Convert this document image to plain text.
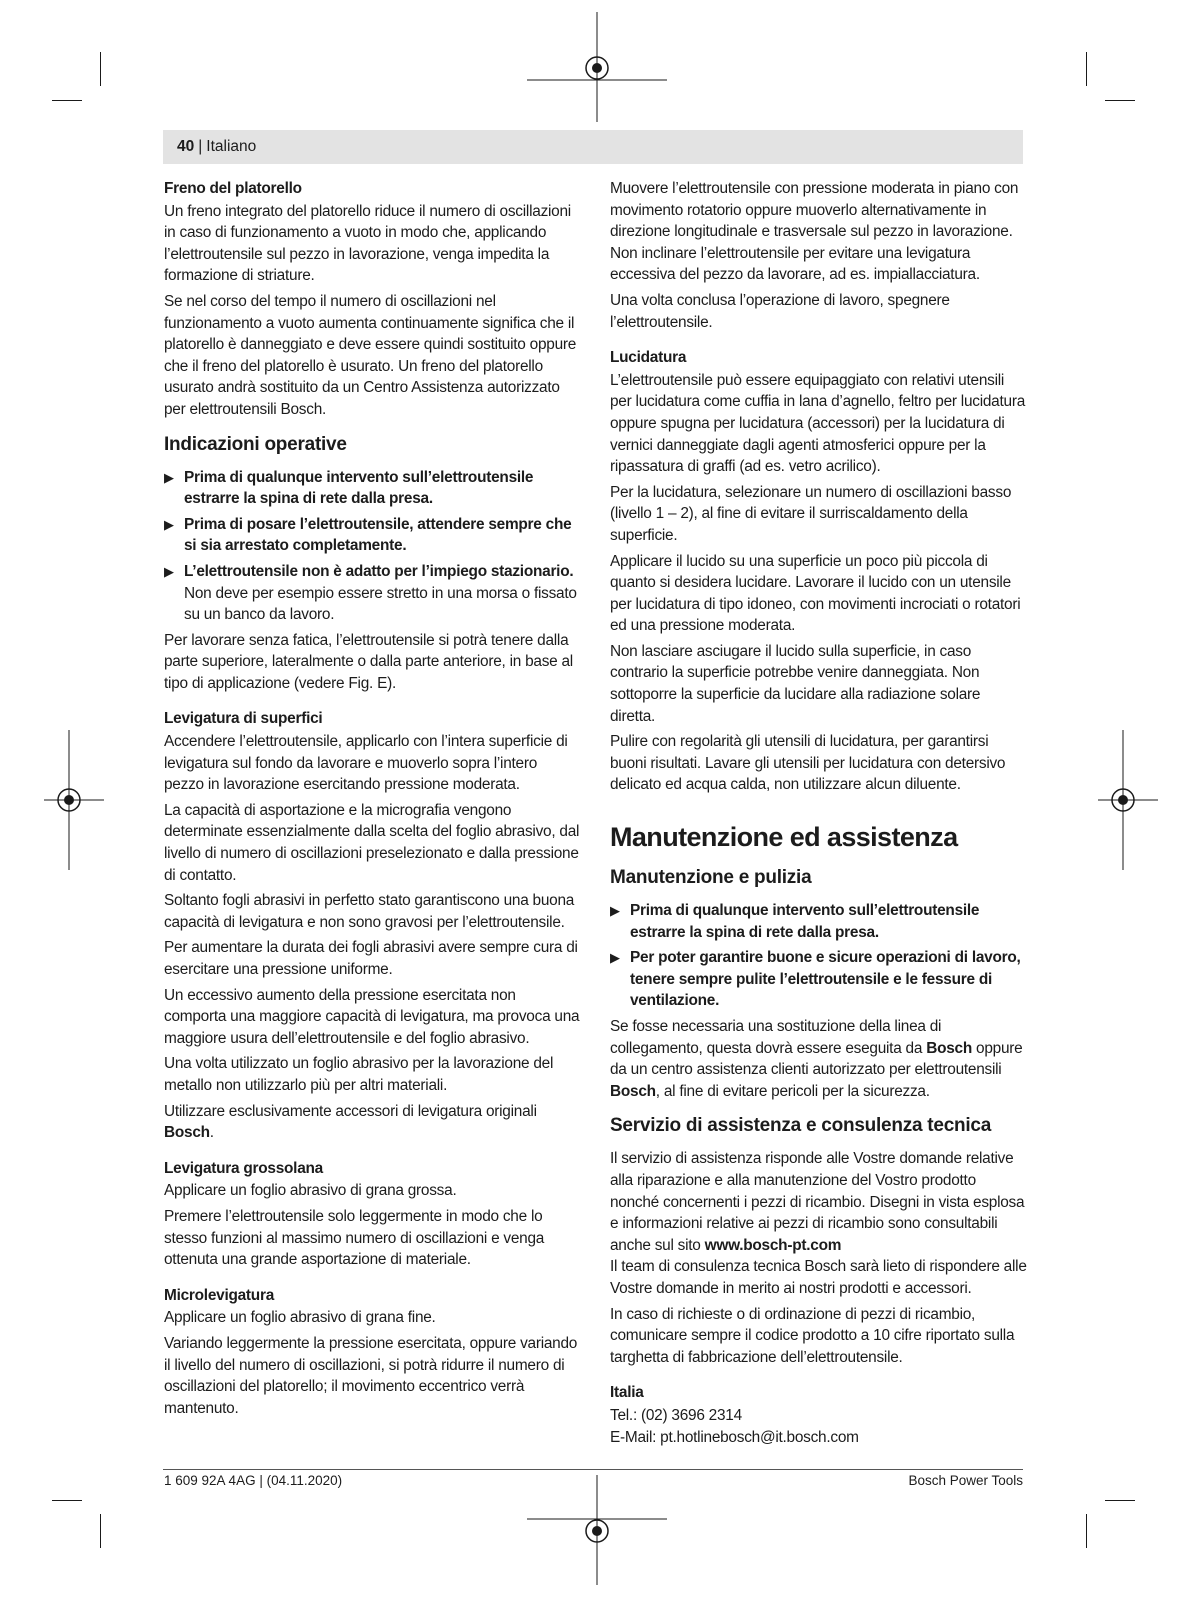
40 | Italiano
Freno del platorello

Un freno integrato del platorello riduce il numero di oscillazioni in caso di funzionamento a vuoto in modo che, applicando l’elettroutensile sul pezzo in lavorazione, venga impedita la formazione di striature.

Se nel corso del tempo il numero di oscillazioni nel funzionamento a vuoto aumenta continuamente significa che il platorello è danneggiato e deve essere quindi sostituito oppure che il freno del platorello è usurato. Un freno del platorello usurato andrà sostituito da un Centro Assistenza autorizzato per elettroutensili Bosch.

Indicazioni operative
▶ Prima di qualunque intervento sull’elettroutensile estrarre la spina di rete dalla presa.
▶ Prima di posare l’elettroutensile, attendere sempre che si sia arrestato completamente.
▶ L’elettroutensile non è adatto per l’impiego stazionario. Non deve per esempio essere stretto in una morsa o fissato su un banco da lavoro.

Per lavorare senza fatica, l’elettroutensile si potrà tenere dalla parte superiore, lateralmente o dalla parte anteriore, in base al tipo di applicazione (vedere Fig. E).

Levigatura di superfici

Accendere l’elettroutensile, applicarlo con l’intera superficie di levigatura sul fondo da lavorare e muoverlo sopra l’intero pezzo in lavorazione esercitando pressione moderata.

La capacità di asportazione e la micrografia vengono determinate essenzialmente dalla scelta del foglio abrasivo, dal livello di numero di oscillazioni preselezionato e dalla pressione di contatto.

Soltanto fogli abrasivi in perfetto stato garantiscono una buona capacità di levigatura e non sono gravosi per l’elettroutensile.

Per aumentare la durata dei fogli abrasivi avere sempre cura di esercitare una pressione uniforme.

Un eccessivo aumento della pressione esercitata non comporta una maggiore capacità di levigatura, ma provoca una maggiore usura dell’elettroutensile e del foglio abrasivo.

Una volta utilizzato un foglio abrasivo per la lavorazione del metallo non utilizzarlo più per altri materiali.

Utilizzare esclusivamente accessori di levigatura originali Bosch.

Levigatura grossolana

Applicare un foglio abrasivo di grana grossa.

Premere l’elettroutensile solo leggermente in modo che lo stesso funzioni al massimo numero di oscillazioni e venga ottenuta una grande asportazione di materiale.

Microlevigatura

Applicare un foglio abrasivo di grana fine.

Variando leggermente la pressione esercitata, oppure variando il livello del numero di oscillazioni, si potrà ridurre il numero di oscillazioni del platorello; il movimento eccentrico verrà mantenuto.

Muovere l’elettroutensile con pressione moderata in piano con movimento rotatorio oppure muoverlo alternativamente in direzione longitudinale e trasversale sul pezzo in lavorazione. Non inclinare l’elettroutensile per evitare una levigatura eccessiva del pezzo da lavorare, ad es. impiallacciatura.

Una volta conclusa l’operazione di lavoro, spegnere l’elettroutensile.

Lucidatura

L’elettroutensile può essere equipaggiato con relativi utensili per lucidatura come cuffia in lana d’agnello, feltro per lucidatura oppure spugna per lucidatura (accessori) per la lucidatura di vernici danneggiate dagli agenti atmosferici oppure per la ripassatura di graffi (ad es. vetro acrilico).

Per la lucidatura, selezionare un numero di oscillazioni basso (livello 1 – 2), al fine di evitare il surriscaldamento della superficie.

Applicare il lucido su una superficie un poco più piccola di quanto si desidera lucidare. Lavorare il lucido con un utensile per lucidatura di tipo idoneo, con movimenti incrociati o rotatori ed una pressione moderata.

Non lasciare asciugare il lucido sulla superficie, in caso contrario la superficie potrebbe venire danneggiata. Non sottoporre la superficie da lucidare alla radiazione solare diretta.

Pulire con regolarità gli utensili di lucidatura, per garantirsi buoni risultati. Lavare gli utensili per lucidatura con detersivo delicato ed acqua calda, non utilizzare alcun diluente.

Manutenzione ed assistenza
Manutenzione e pulizia
▶ Prima di qualunque intervento sull’elettroutensile estrarre la spina di rete dalla presa.
▶ Per poter garantire buone e sicure operazioni di lavoro, tenere sempre pulite l’elettroutensile e le fessure di ventilazione.

Se fosse necessaria una sostituzione della linea di collegamento, questa dovrà essere eseguita da Bosch oppure da un centro assistenza clienti autorizzato per elettroutensili Bosch, al fine di evitare pericoli per la sicurezza.

Servizio di assistenza e consulenza tecnica

Il servizio di assistenza risponde alle Vostre domande relative alla riparazione e alla manutenzione del Vostro prodotto nonché concernenti i pezzi di ricambio. Disegni in vista esplosa e informazioni relative ai pezzi di ricambio sono consultabili anche sul sito www.bosch-pt.com
Il team di consulenza tecnica Bosch sarà lieto di rispondere alle Vostre domande in merito ai nostri prodotti e accessori.

In caso di richieste o di ordinazione di pezzi di ricambio, comunicare sempre il codice prodotto a 10 cifre riportato sulla targhetta di fabbricazione dell’elettroutensile.

Italia
Tel.: (02) 3696 2314
E-Mail: pt.hotlinebosch@it.bosch.com
1 609 92A 4AG | (04.11.2020)	Bosch Power Tools
